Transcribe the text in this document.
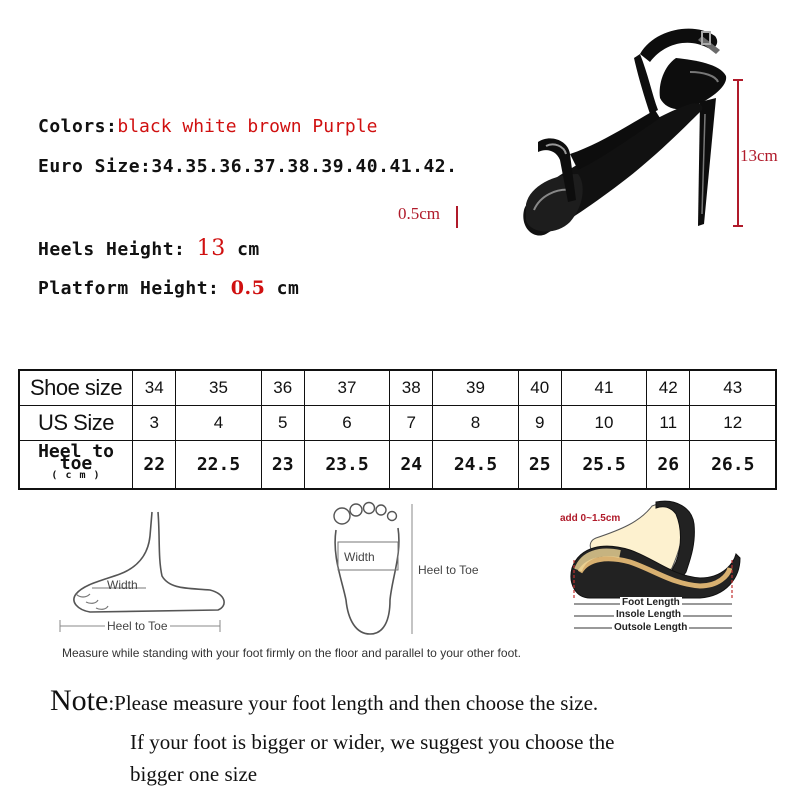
Colors:black white brown Purple
Euro Size:34.35.36.37.38.39.40.41.42.
Heels Height: 13 cm
Platform Height: 0.5 cm
13cm
0.5cm
Shoe size	34	35	36	37	38	39	40	41	42	43
US Size	3	4	5	6	7	8	9	10	11	12

Heel to toe
( c m )	22	22.5	23	23.5	24	24.5	25	25.5	26	26.5
Width
Heel to Toe
Width
Heel to Toe
add 0~1.5cm
Foot Length
Insole Length
Outsole Length
Measure while standing with your foot firmly on the floor and parallel to your other foot.
Note:Please measure your foot length and then choose the size.
If your foot is bigger or wider, we suggest you choose the
bigger one size
